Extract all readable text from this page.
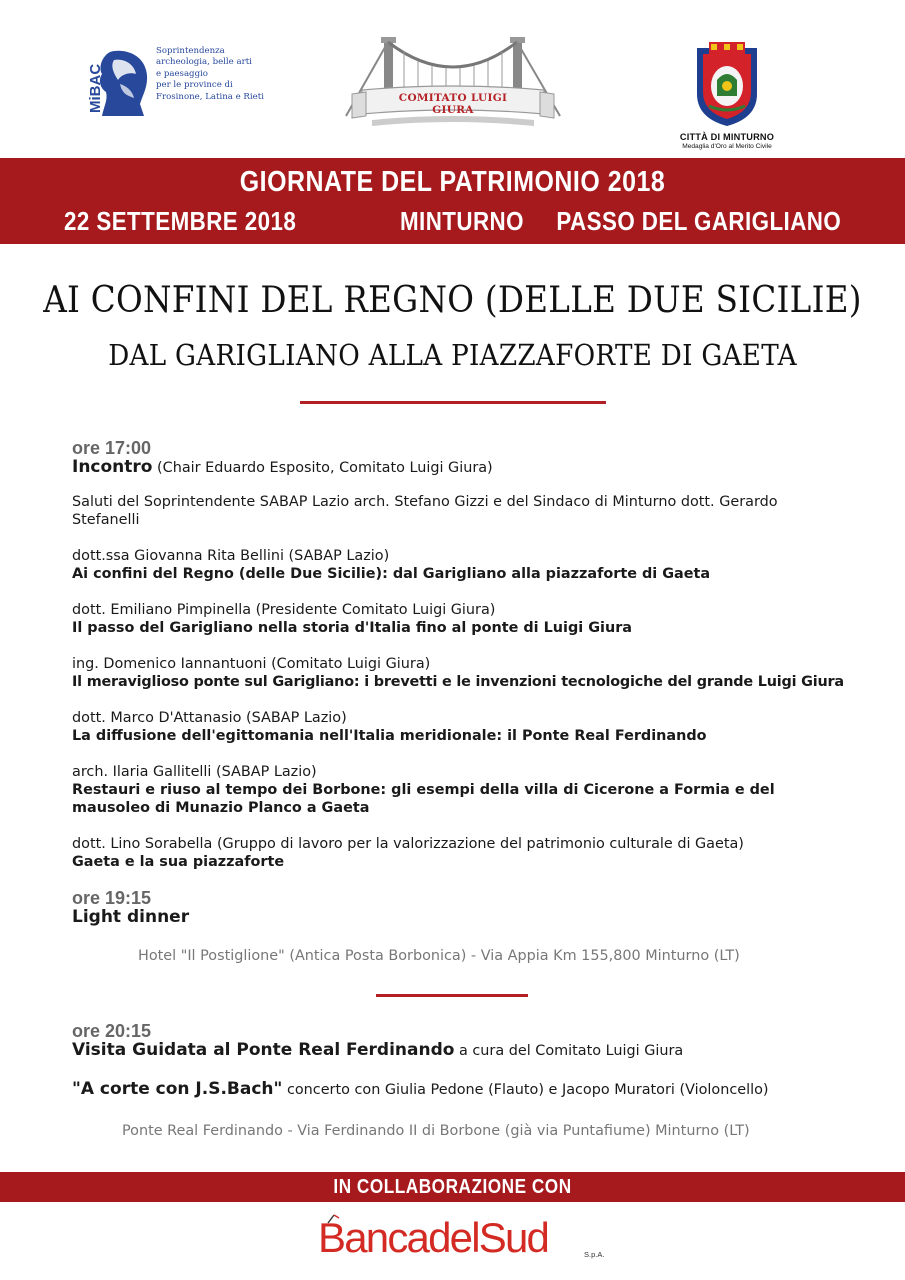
MiBAC
Soprintendenza
archeologia, belle arti
e paesaggio
per le province di
Frosinone, Latina e Rieti	COMITATO LUIGI GIURA
CITTÀ DI MINTURNO
Medaglia d'Oro al Merito Civile
GIORNATE DEL PATRIMONIO 2018
22 SETTEMBRE 2018	MINTURNO PASSO DEL GARIGLIANO
AI CONFINI DEL REGNO (DELLE DUE SICILIE)
DAL GARIGLIANO ALLA PIAZZAFORTE DI GAETA
ore 17:00
Incontro (Chair Eduardo Esposito, Comitato Luigi Giura)
Saluti del Soprintendente SABAP Lazio arch. Stefano Gizzi e del Sindaco di Minturno dott. Gerardo Stefanelli
dott.ssa Giovanna Rita Bellini (SABAP Lazio)
Ai confini del Regno (delle Due Sicilie): dal Garigliano alla piazzaforte di Gaeta
dott. Emiliano Pimpinella (Presidente Comitato Luigi Giura)
Il passo del Garigliano nella storia d'Italia fino al ponte di Luigi Giura
ing. Domenico Iannantuoni (Comitato Luigi Giura)
Il meraviglioso ponte sul Garigliano: i brevetti e le invenzioni tecnologiche del grande Luigi Giura
dott. Marco D'Attanasio (SABAP Lazio)
La diffusione dell'egittomania nell'Italia meridionale: il Ponte Real Ferdinando
arch. Ilaria Gallitelli (SABAP Lazio)
Restauri e riuso al tempo dei Borbone: gli esempi della villa di Cicerone a Formia e del mausoleo di Munazio Planco a Gaeta
dott. Lino Sorabella (Gruppo di lavoro per la valorizzazione del patrimonio culturale di Gaeta)
Gaeta e la sua piazzaforte
ore 19:15
Light dinner
Hotel "Il Postiglione" (Antica Posta Borbonica) - Via Appia Km 155,800 Minturno (LT)
ore 20:15
Visita Guidata al Ponte Real Ferdinando a cura del Comitato Luigi Giura
"A corte con J.S.Bach" concerto con Giulia Pedone (Flauto) e Jacopo Muratori (Violoncello)
Ponte Real Ferdinando - Via Ferdinando II di Borbone (già via Puntafiume) Minturno (LT)
IN COLLABORAZIONE CON
BancadelSud	S.p.A.
